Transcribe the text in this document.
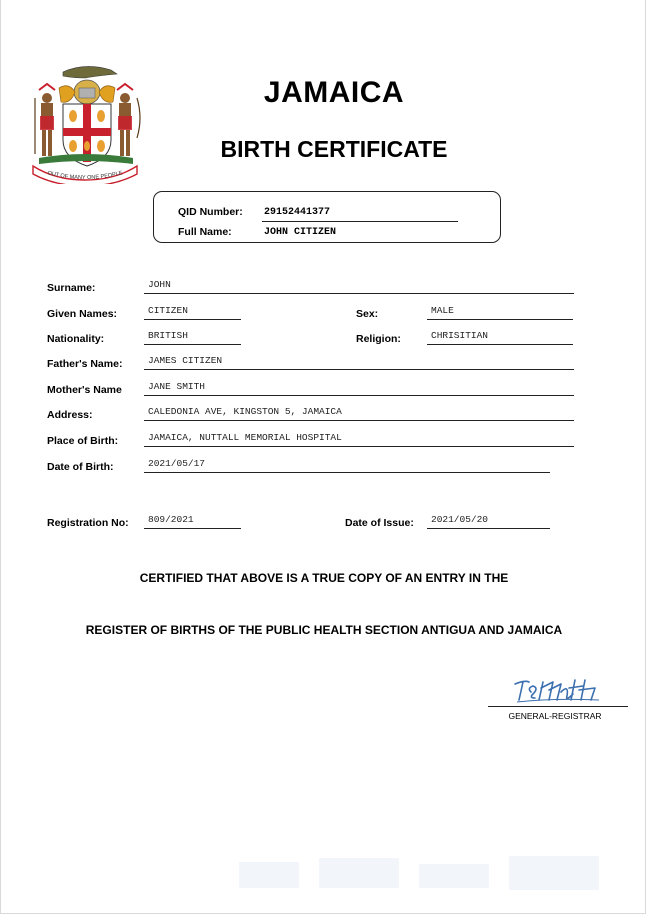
OUT OF MANY ONE PEOPLE
JAMAICA
BIRTH CERTIFICATE
QID Number: 29152441377
Full Name:	JOHN CITIZEN
Surname:	JOHN
Given Names:	CITIZEN	Sex:	MALE
Nationality:	BRITISH	Religion:	CHRISITIAN
Father's Name:	JAMES CITIZEN
Mother's Name	JANE SMITH
Address:	CALEDONIA AVE, KINGSTON 5, JAMAICA
Place of Birth:	JAMAICA, NUTTALL MEMORIAL HOSPITAL
Date of Birth:	2021/05/17
Registration No:	809/2021	Date of Issue:	2021/05/20
CERTIFIED THAT ABOVE IS A TRUE COPY OF AN ENTRY IN THE
REGISTER OF BIRTHS OF THE PUBLIC HEALTH SECTION ANTIGUA AND JAMAICA
GENERAL-REGISTRAR
